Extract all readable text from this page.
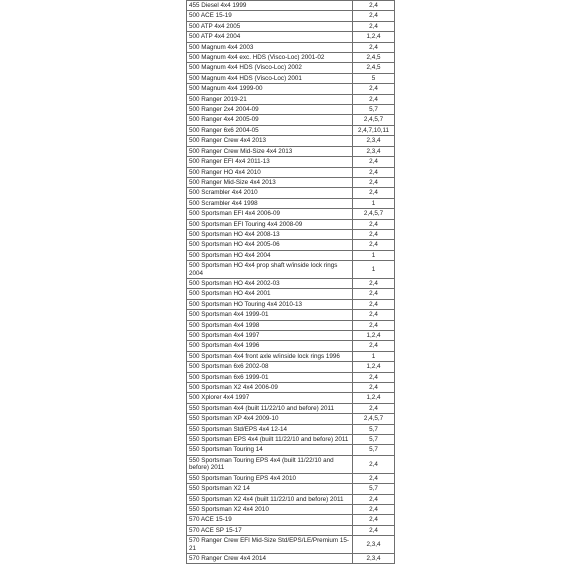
455 Diesel 4x4 1999	2,4
500 ACE 15-19	2,4
500 ATP 4x4 2005	2,4
500 ATP 4x4 2004	1,2,4
500 Magnum 4x4 2003	2,4
500 Magnum 4x4 exc. HDS (Visco-Loc) 2001-02	2,4,5
500 Magnum 4x4 HDS (Visco-Loc) 2002	2,4,5
500 Magnum 4x4 HDS (Visco-Loc) 2001	5
500 Magnum 4x4 1999-00	2,4
500 Ranger 2019-21	2,4
500 Ranger 2x4 2004-09	5,7
500 Ranger 4x4 2005-09	2,4,5,7
500 Ranger 6x6 2004-05	2,4,7,10,11
500 Ranger Crew 4x4 2013	2,3,4
500 Ranger Crew Mid-Size 4x4 2013	2,3,4
500 Ranger EFI 4x4 2011-13	2,4
500 Ranger HO 4x4 2010	2,4
500 Ranger Mid-Size 4x4 2013	2,4
500 Scrambler 4x4 2010	2,4
500 Scrambler 4x4 1998	1
500 Sportsman EFI 4x4 2006-09	2,4,5,7
500 Sportsman EFI Touring 4x4 2008-09	2,4
500 Sportsman HO 4x4 2008-13	2,4
500 Sportsman HO 4x4 2005-06	2,4
500 Sportsman HO 4x4 2004	1
500 Sportsman HO 4x4 prop shaft w/inside lock rings 2004	1
500 Sportsman HO 4x4 2002-03	2,4
500 Sportsman HO 4x4 2001	2,4
500 Sportsman HO Touring 4x4 2010-13	2,4
500 Sportsman 4x4 1999-01	2,4
500 Sportsman 4x4 1998	2,4
500 Sportsman 4x4 1997	1,2,4
500 Sportsman 4x4 1996	2,4
500 Sportsman 4x4 front axle w/inside lock rings 1996	1
500 Sportsman 6x6 2002-08	1,2,4
500 Sportsman 6x6 1999-01	2,4
500 Sportsman X2 4x4 2006-09	2,4
500 Xplorer 4x4 1997	1,2,4
550 Sportsman 4x4 (built 11/22/10 and before) 2011	2,4
550 Sportsman XP 4x4 2009-10	2,4,5,7
550 Sportsman Std/EPS 4x4 12-14	5,7
550 Sportsman EPS 4x4 (built 11/22/10 and before) 2011	5,7
550 Sportsman Touring 14	5,7
550 Sportsman Touring EPS 4x4 (built 11/22/10 and before) 2011	2,4
550 Sportsman Touring EPS 4x4 2010	2,4
550 Sportsman X2 14	5,7
550 Sportsman X2 4x4 (built 11/22/10 and before) 2011	2,4
550 Sportsman X2 4x4 2010	2,4
570 ACE 15-19	2,4
570 ACE SP 15-17	2,4
570 Ranger Crew EFI Mid-Size Std/EPS/LE/Premium 15-21	2,3,4
570 Ranger Crew 4x4 2014	2,3,4
